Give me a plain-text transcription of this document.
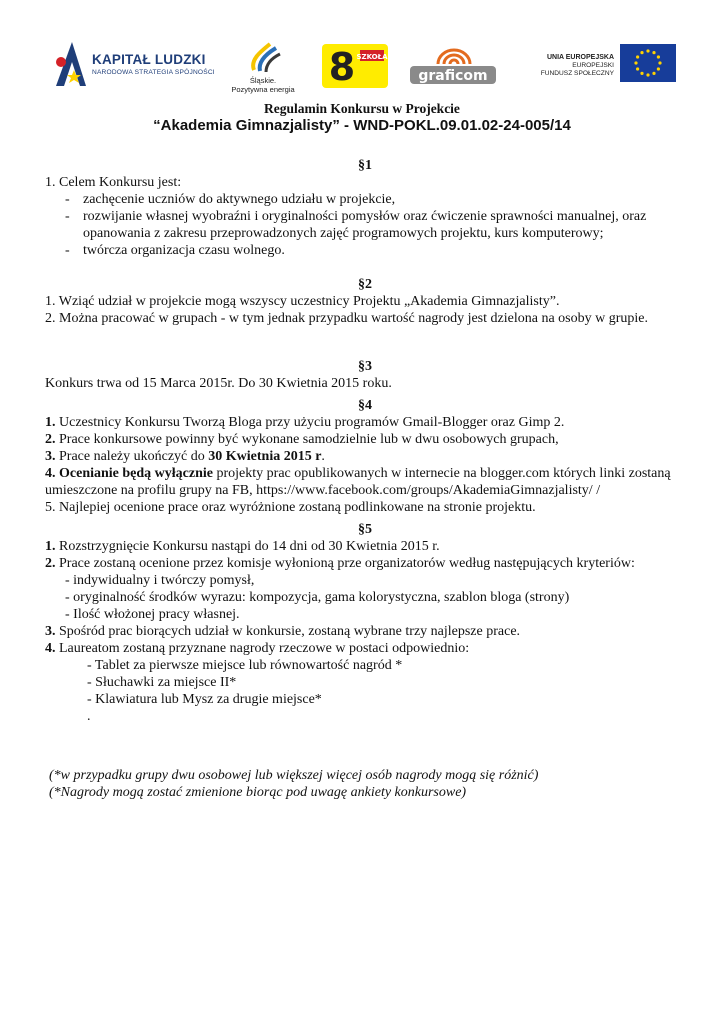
KAPITAŁ LUDZKI
NARODOWA STRATEGIA SPÓJNOŚCI
Śląskie.
Pozytywna energia
8 SZKOŁA
graficom
UNIA EUROPEJSKA
EUROPEJSKI
FUNDUSZ SPOŁECZNY
Regulamin Konkursu w Projekcie
“Akademia Gimnazjalisty” - WND-POKL.09.01.02-24-005/14
§1

1. Celem Konkursu jest:

- zachęcenie uczniów do aktywnego udziału w projekcie,
- rozwijanie własnej wyobraźni i oryginalności pomysłów oraz ćwiczenie sprawności manualnej, oraz opanowania z zakresu przeprowadzonych zajęć programowych projektu, kurs komputerowy;
- twórcza organizacja czasu wolnego.
§2

1. Wziąć udział w projekcie mogą wszyscy uczestnicy Projektu „Akademia Gimnazjalisty”.

2. Można pracować w grupach - w tym jednak przypadku wartość nagrody jest dzielona na osoby w grupie.

§3

Konkurs trwa od 15 Marca 2015r. Do 30 Kwietnia 2015 roku.

§4

1. Uczestnicy Konkursu Tworzą Bloga przy użyciu programów Gmail-Blogger oraz Gimp 2.

2. Prace konkursowe powinny być wykonane samodzielnie lub w dwu osobowych grupach,

3. Prace należy ukończyć do 30 Kwietnia 2015 r.

4. Ocenianie będą wyłącznie projekty prac opublikowanych w internecie na blogger.com których linki zostaną umieszczone na profilu grupy na FB, https://www.facebook.com/groups/AkademiaGimnazjalisty/ /

5. Najlepiej ocenione prace oraz wyróżnione zostaną podlinkowane na stronie projektu.

§5

1. Rozstrzygnięcie Konkursu nastąpi do 14 dni od 30 Kwietnia 2015 r.

2. Prace zostaną ocenione przez komisje wyłonioną prze organizatorów według następujących kryteriów:

- indywidualny i twórczy pomysł,
- oryginalność środków wyrazu: kompozycja, gama kolorystyczna, szablon bloga (strony)
- Ilość włożonej pracy własnej.

3. Spośród prac biorących udział w konkursie, zostaną wybrane trzy najlepsze prace.

4. Laureatom zostaną przyznane nagrody rzeczowe w postaci odpowiednio:

- Tablet za pierwsze miejsce lub równowartość nagród *
- Słuchawki za miejsce II*
- Klawiatura lub Mysz za drugie miejsce*
.

(*w przypadku grupy dwu osobowej lub większej więcej osób nagrody mogą się różnić)

(*Nagrody mogą zostać zmienione biorąc pod uwagę ankiety konkursowe)
